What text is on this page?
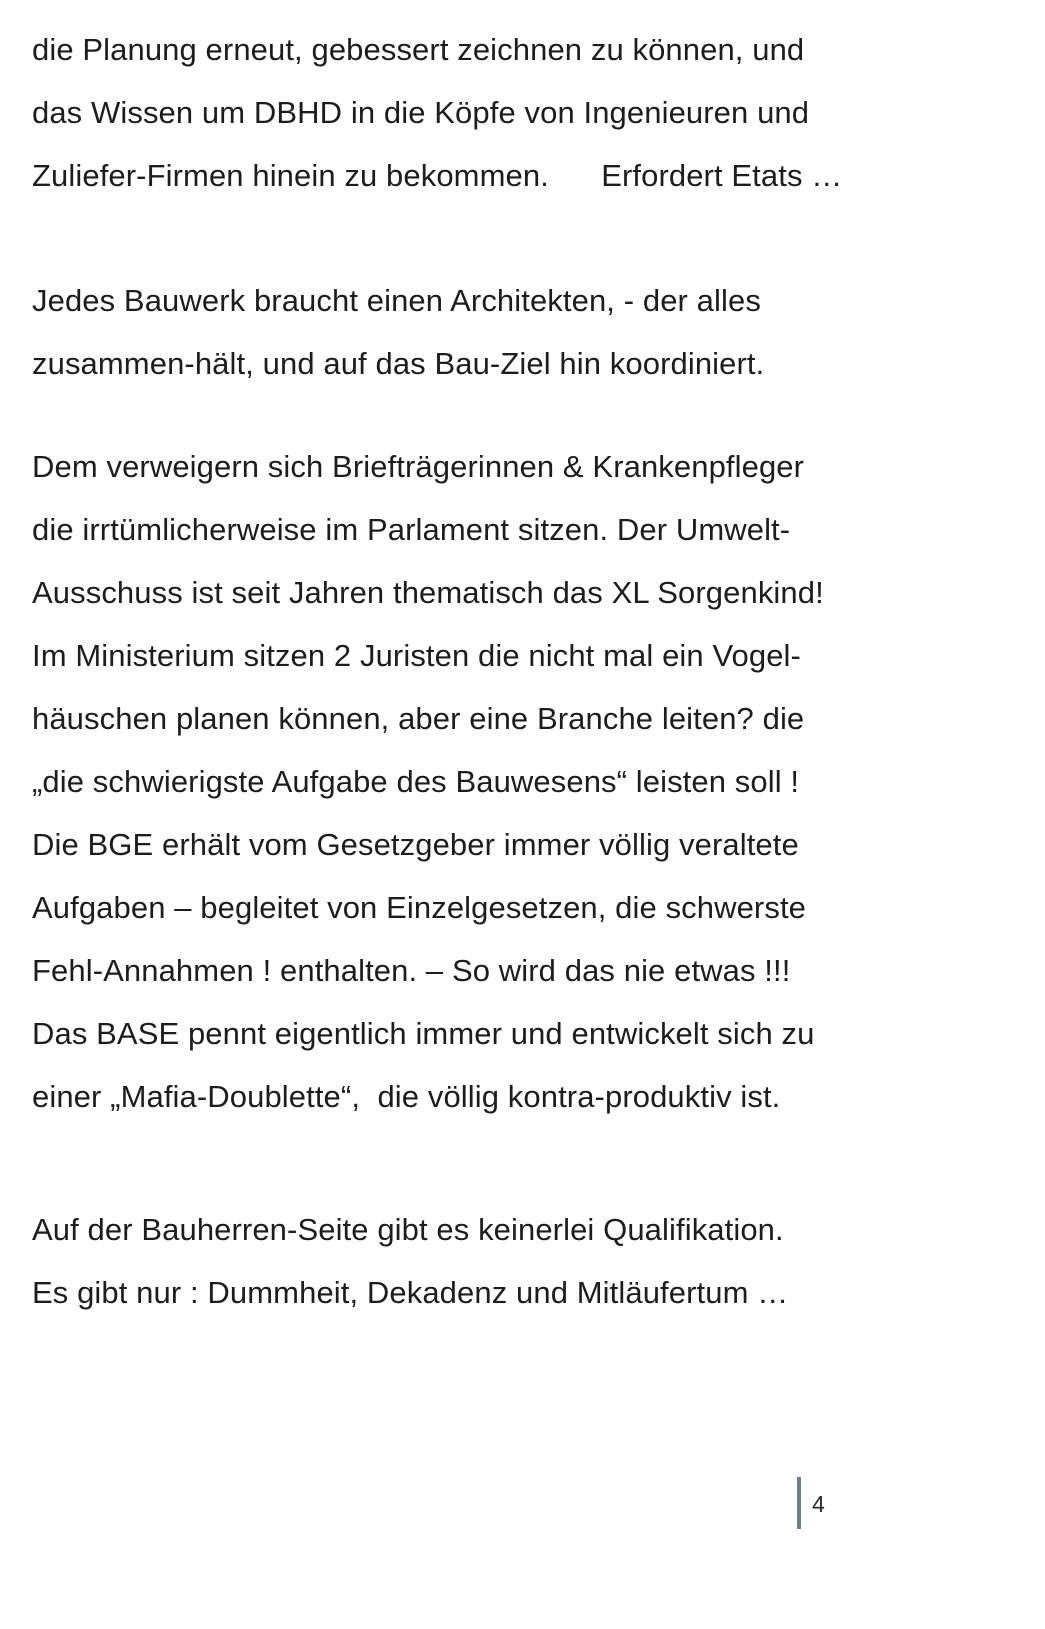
die Planung erneut, gebessert zeichnen zu können, und
das Wissen um DBHD in die Köpfe von Ingenieuren und
Zuliefer-Firmen hinein zu bekommen.      Erfordert Etats …
Jedes Bauwerk braucht einen Architekten, - der alles
zusammen-hält, und auf das Bau-Ziel hin koordiniert.
Dem verweigern sich Briefträgerinnen & Krankenpfleger
die irrtümlicherweise im Parlament sitzen. Der Umwelt-
Ausschuss ist seit Jahren thematisch das XL Sorgenkind!
Im Ministerium sitzen 2 Juristen die nicht mal ein Vogel-
häuschen planen können, aber eine Branche leiten? die
„die schwierigste Aufgabe des Bauwesens“ leisten soll !
Die BGE erhält vom Gesetzgeber immer völlig veraltete
Aufgaben – begleitet von Einzelgesetzen, die schwerste
Fehl-Annahmen ! enthalten. – So wird das nie etwas !!!
Das BASE pennt eigentlich immer und entwickelt sich zu
einer „Mafia-Doublette“,  die völlig kontra-produktiv ist.
Auf der Bauherren-Seite gibt es keinerlei Qualifikation.
Es gibt nur : Dummheit, Dekadenz und Mitläufertum …
4
